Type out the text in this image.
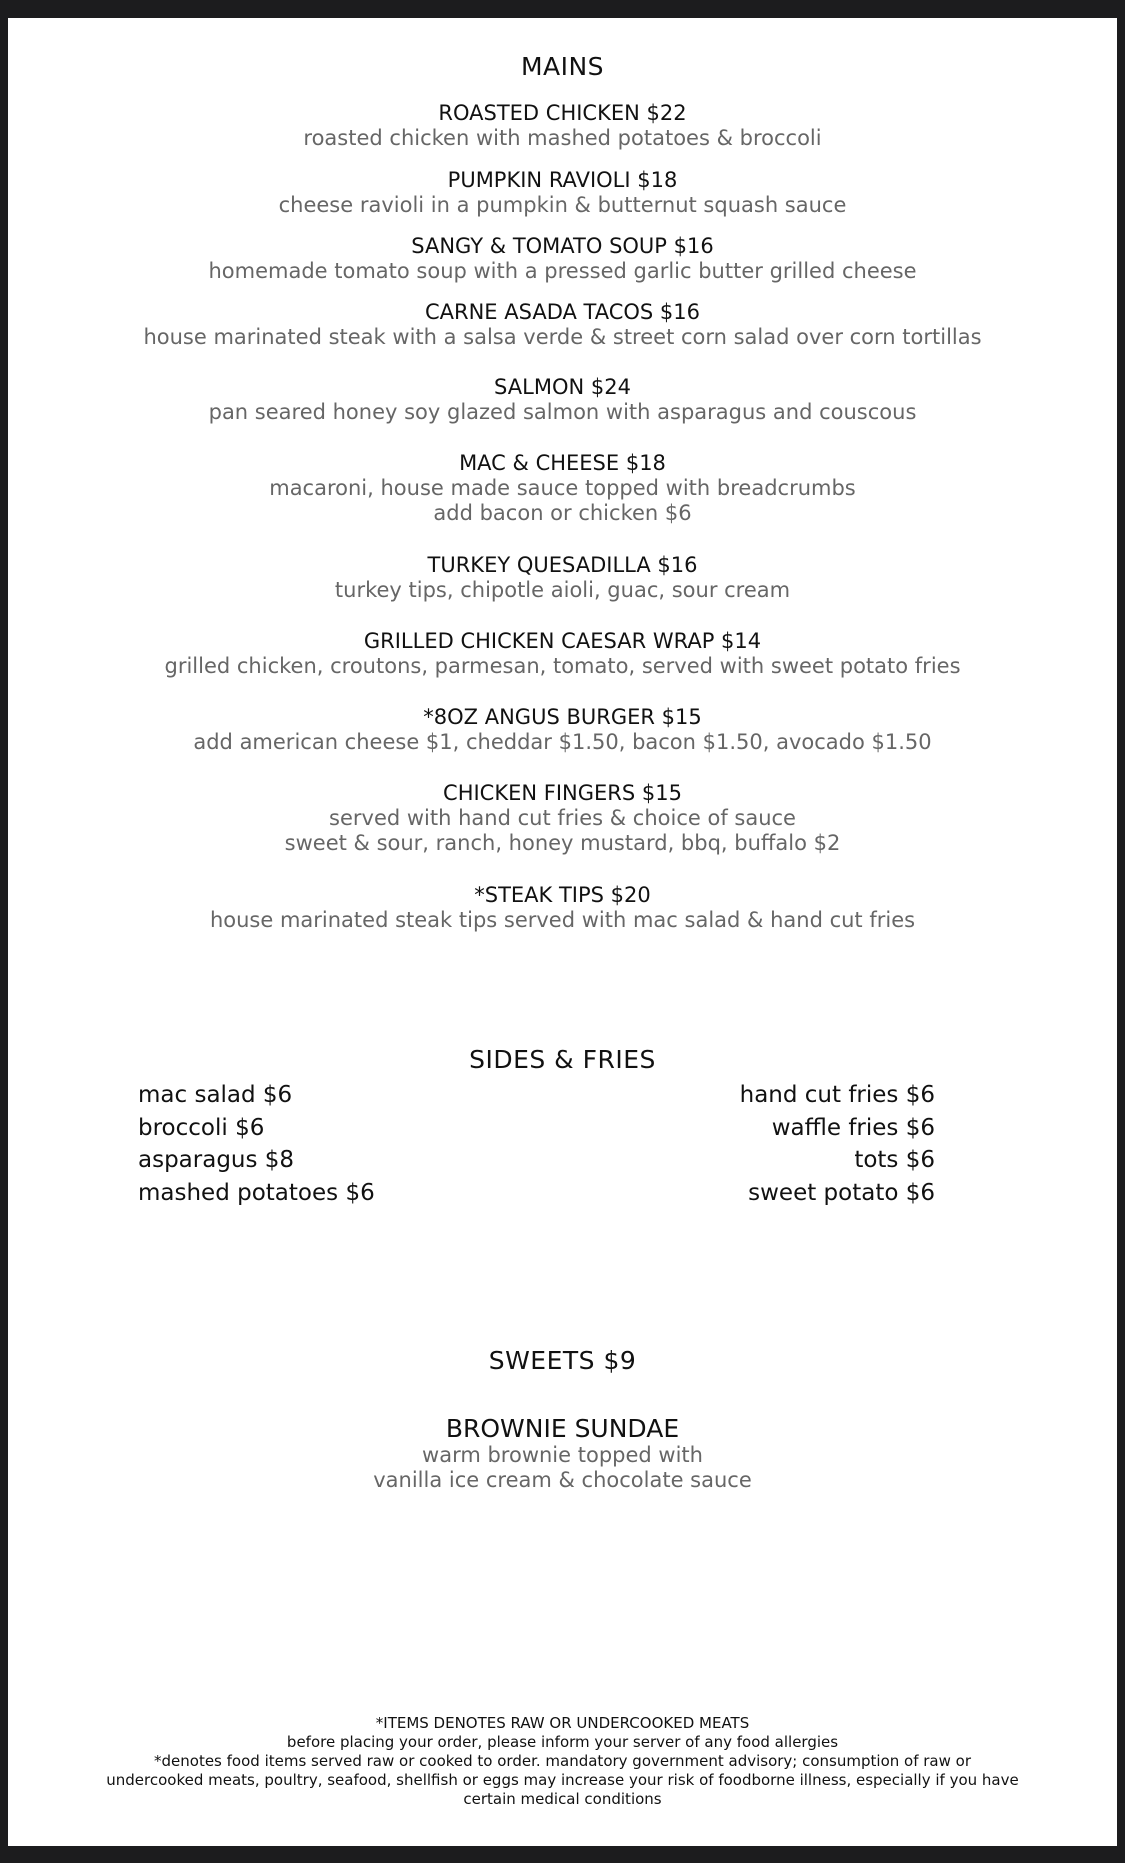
MAINS
ROASTED CHICKEN $22
roasted chicken with mashed potatoes & broccoli
PUMPKIN RAVIOLI $18
cheese ravioli in a pumpkin & butternut squash sauce
SANGY & TOMATO SOUP $16
homemade tomato soup with a pressed garlic butter grilled cheese
CARNE ASADA TACOS $16
house marinated steak with a salsa verde & street corn salad over corn tortillas
SALMON $24
pan seared honey soy glazed salmon with asparagus and couscous
MAC & CHEESE $18
macaroni, house made sauce topped with breadcrumbs
add bacon or chicken $6
TURKEY QUESADILLA $16
turkey tips, chipotle aioli, guac, sour cream
GRILLED CHICKEN CAESAR WRAP $14
grilled chicken, croutons, parmesan, tomato, served with sweet potato fries
*8OZ ANGUS BURGER $15
add american cheese $1, cheddar $1.50, bacon $1.50, avocado $1.50
CHICKEN FINGERS $15
served with hand cut fries & choice of sauce
sweet & sour, ranch, honey mustard, bbq, buffalo $2
*STEAK TIPS $20
house marinated steak tips served with mac salad & hand cut fries
SIDES & FRIES
mac salad $6
broccoli $6
asparagus $8
mashed potatoes $6
hand cut fries $6
waffle fries $6
tots $6
sweet potato $6
SWEETS $9
BROWNIE SUNDAE
warm brownie topped with
vanilla ice cream & chocolate sauce
*ITEMS DENOTES RAW OR UNDERCOOKED MEATS
before placing your order, please inform your server of any food allergies
*denotes food items served raw or cooked to order. mandatory government advisory; consumption of raw or
undercooked meats, poultry, seafood, shellfish or eggs may increase your risk of foodborne illness, especially if you have
certain medical conditions
